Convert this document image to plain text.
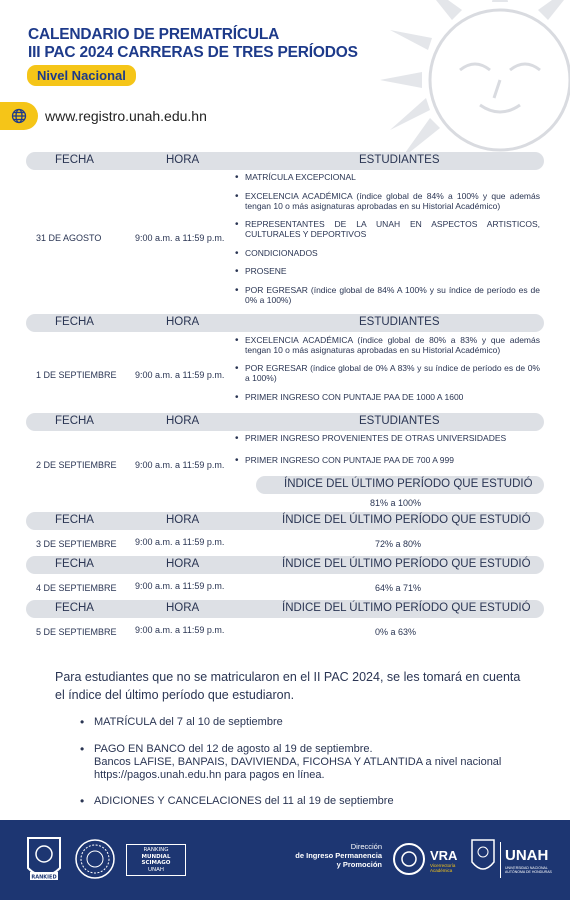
CALENDARIO DE PREMATRÍCULA
III PAC 2024 CARRERAS DE TRES PERÍODOS
Nivel Nacional
www.registro.unah.edu.hn
FECHA	HORA	ESTUDIANTES
31 DE AGOSTO	9:00 a.m. a 11:59 p.m.
• MATRÍCULA EXCEPCIONAL
• EXCELENCIA ACADÉMICA (índice global de 84% a 100% y que además tengan 10 o más asignaturas aprobadas en su Historial Académico)
• REPRESENTANTES DE LA UNAH EN ASPECTOS ARTISTICOS, CULTURALES Y DEPORTIVOS
• CONDICIONADOS
• PROSENE
• POR EGRESAR (índice global de 84% A 100% y su índice de período es de 0% a 100%)
FECHA	HORA	ESTUDIANTES
1 DE SEPTIEMBRE 9:00 a.m. a 11:59 p.m.
• EXCELENCIA ACADÉMICA (índice global de 80% a 83% y que además tengan 10 o más asignaturas aprobadas en su Historial Académico)
• POR EGRESAR (índice global de 0% A 83% y su índice de período es de 0% a 100%)
• PRIMER INGRESO CON PUNTAJE PAA DE 1000 A 1600
FECHA	HORA	ESTUDIANTES
2 DE SEPTIEMBRE 9:00 a.m. a 11:59 p.m.
• PRIMER INGRESO PROVENIENTES DE OTRAS UNIVERSIDADES
• PRIMER INGRESO CON PUNTAJE PAA DE 700 A 999
ÍNDICE DEL ÚLTIMO PERÍODO QUE ESTUDIÓ
81% a 100%
FECHA	HORA	ÍNDICE DEL ÚLTIMO PERÍODO QUE ESTUDIÓ
3 DE SEPTIEMBRE 9:00 a.m. a 11:59 p.m.	72% a 80%
FECHA	HORA	ÍNDICE DEL ÚLTIMO PERÍODO QUE ESTUDIÓ
4 DE SEPTIEMBRE 9:00 a.m. a 11:59 p.m.	64% a 71%
FECHA	HORA	ÍNDICE DEL ÚLTIMO PERÍODO QUE ESTUDIÓ
5 DE SEPTIEMBRE 9:00 a.m. a 11:59 p.m.	0% a 63%
Para estudiantes que no se matricularon en el II PAC 2024, se les tomará en cuenta el índice del último período que estudiaron.
• MATRÍCULA del 7 al 10 de septiembre
• PAGO EN BANCO del 12 de agosto al 19 de septiembre.
Bancos LAFISE, BANPAIS, DAVIVIENDA, FICOHSA Y ATLANTIDA a nivel nacional
https://pagos.unah.edu.hn para pagos en línea.
• ADICIONES Y CANCELACIONES del 11 al 19 de septiembre
RANKIED
RANKING
MUNDIAL
SCIMAGO
UNAH
Dirección
de Ingreso Permanencia
y Promoción
VRA
Vicerrectoría
Académica
UNAH
UNIVERSIDAD NACIONAL AUTÓNOMA DE HONDURAS
